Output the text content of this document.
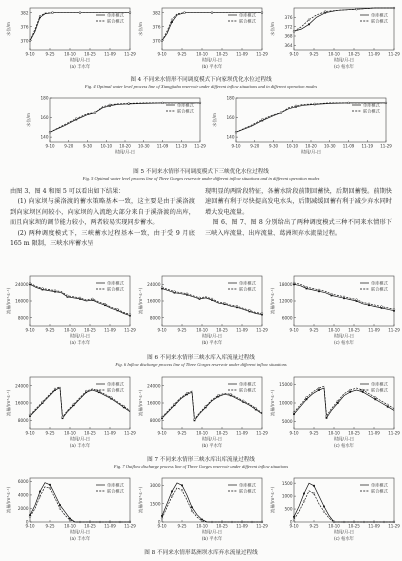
370
376
382
水位/m
9-10	9-25 10-10 10-25 11-09 11-29
时间/月-日
(a) 丰水年
单库模式
联合模式
370
376
382
水位/m
9-10	9-25 10-10 10-25 11-09 11-29
时间/月-日
(b) 平水年
单库模式
联合模式
364
368
372
376
水位/m
9-10	9-25 10-10 10-25 11-09 11-29
时间/月-日
(c) 枯水年
单库模式
联合模式
图 4 不同来水情形不同调度模式下向家坝优化水位过程线
Fig. 4 Optimal water level process line of Xiangjiaba reservoir under different inflow situations and in different operation modes
140
160
180
水位/m
9-10 9-20 9-30 10-10 10-20 10-30 11-09 11-19 11-29
时间/月-日
单库模式
联合模式
140
160
180
水位/m
9-10 9-20 9-30 10-10 10-20 10-30 11-09 11-19 11-29
时间/月-日
单库模式
联合模式
图 5 不同来水情形不同调度模式下三峡优化水位过程线
Fig. 5 Optimal water level process line of Three Gorges reservoir under different inflow situations and in different operation modes

由图 3、图 4 和图 5 可以看出如下结果：

(1) 向家坝与溪洛渡的蓄水策略基本一致，这主要是由于溪洛渡到向家坝区间较小，向家坝的入流绝大部分来自于溪洛渡的出库，而且向家坝的调节能力较小，两者较易实现同步蓄水。

(2) 两种调度模式下，三峡蓄水过程基本一致，由于受 9 月底 165 m 限制，三峡水库蓄水呈

现明显的两阶段特征，各蓄水阶段前期回蓄快，后期回蓄慢。前期快速回蓄有利于尽快提高发电水头，后期减缓回蓄有利于减少弃水同时增大发电流量。

图 6、图 7、图 8 分别给出了两种调度模式三种不同来水情形下三峡入库流量、出库流量、葛洲坝弃水流量过程。

8000
16000
24000
流量/(m³·s⁻¹)
9-10	9-25 10-10 10-25 11-09 11-29
时间/月-日
(a) 丰水年
单库模式
联合模式
8000
16000
24000
流量/(m³·s⁻¹)
9-10	9-25 10-10 10-25 11-09 11-29
时间/月-日
(b) 平水年
单库模式
联合模式
6000
12000
18000
流量/(m³·s⁻¹)
9-10	9-25 10-10 10-25 11-09 11-29
时间/月-日
(c) 枯水年
单库模式
联合模式
图 6 不同来水情形三峡水库入库流量过程线
Fig. 6 Inflow discharge process line of Three Gorges reservoir under different inflow situations
8000
16000
24000
流量/(m³·s⁻¹)
9-10	9-25 10-10 10-25 11-09 11-29
时间/月-日
(a) 丰水年
单库模式
联合模式
8000
16000
24000
流量/(m³·s⁻¹)
9-10	9-25 10-10 10-25 11-09 11-29
时间/月-日
(b) 平水年
单库模式
联合模式
5000
10000
15000
流量/(m³·s⁻¹)
9-10	9-25 10-10 10-25 11-09 11-29
时间/月-日
(c) 枯水年
单库模式
联合模式
图 7 不同来水情形三峡水库出库流量过程线
Fig. 7 Outflow discharge process line of Three Gorges reservoir under different inflow situations
0
2000
4000
6000
流量/(m³·s⁻¹)
9-10	9-25 10-10 10-25 11-09 11-29
时间/月-日
(a) 丰水年
单库模式
联合模式
0
1500
3000
流量/(m³·s⁻¹)
9-10	9-25 10-10 10-25 11-09 11-29
时间/月-日
(b) 平水年
单库模式
联合模式
0
500
1000
1500
流量/(m³·s⁻¹)
9-10	9-25 10-10 10-25 11-09 11-29
时间/月-日
(c) 枯水年
单库模式
联合模式
图 8 不同来水情形葛洲坝水库弃水流量过程线
